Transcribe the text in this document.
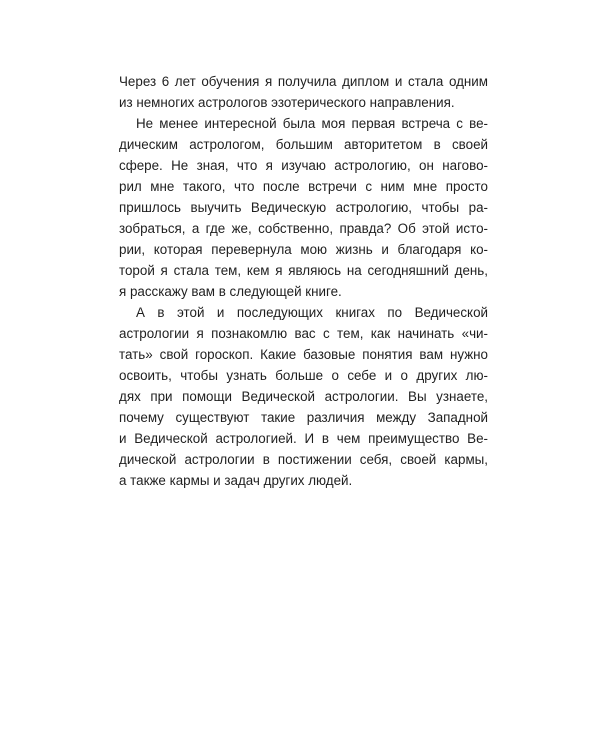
Через 6 лет обучения я получила диплом и стала одним
из немногих астрологов эзотерического направления.
Не менее интересной была моя первая встреча с ве-
дическим астрологом, большим авторитетом в своей
сфере. Не зная, что я изучаю астрологию, он нагово-
рил мне такого, что после встречи с ним мне просто
пришлось выучить Ведическую астрологию, чтобы ра-
зобраться, а где же, собственно, правда? Об этой исто-
рии, которая перевернула мою жизнь и благодаря ко-
торой я стала тем, кем я являюсь на сегодняшний день,
я расскажу вам в следующей книге.
А в этой и последующих книгах по Ведической
астрологии я познакомлю вас с тем, как начинать «чи-
тать» свой гороскоп. Какие базовые понятия вам нужно
освоить, чтобы узнать больше о себе и о других лю-
дях при помощи Ведической астрологии. Вы узнаете,
почему существуют такие различия между Западной
и Ведической астрологией. И в чем преимущество Ве-
дической астрологии в постижении себя, своей кармы,
а также кармы и задач других людей.
